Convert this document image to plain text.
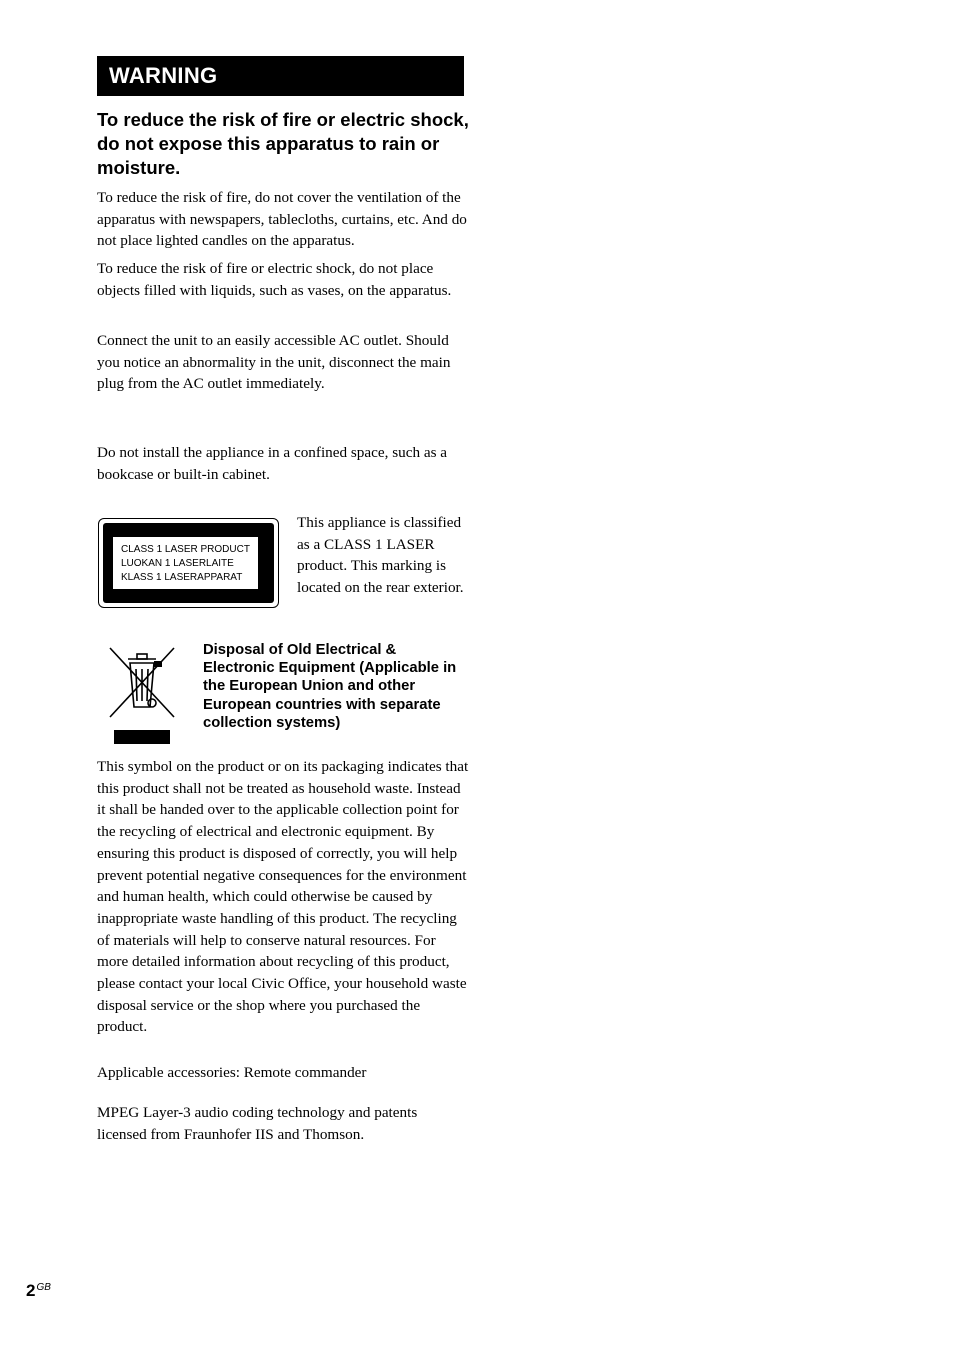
WARNING
To reduce the risk of fire or electric shock, do not expose this apparatus to rain or moisture.

To reduce the risk of fire, do not cover the ventilation of the apparatus with newspapers, tablecloths, curtains, etc. And do not place lighted candles on the apparatus.

To reduce the risk of fire or electric shock, do not place objects filled with liquids, such as vases, on the apparatus.

Connect the unit to an easily accessible AC outlet. Should you notice an abnormality in the unit, disconnect the main plug from the AC outlet immediately.

Do not install the appliance in a confined space, such as a bookcase or built-in cabinet.

CLASS 1 LASER PRODUCT
LUOKAN 1 LASERLAITE
KLASS 1 LASERAPPARAT
This appliance is classified as a CLASS 1 LASER product. This marking is located on the rear exterior.
Disposal of Old Electrical & Electronic Equipment (Applicable in the European Union and other European countries with separate collection systems)

This symbol on the product or on its packaging indicates that this product shall not be treated as household waste. Instead it shall be handed over to the applicable collection point for the recycling of electrical and electronic equipment. By ensuring this product is disposed of correctly, you will help prevent potential negative consequences for the environment and human health, which could otherwise be caused by inappropriate waste handling of this product. The recycling of materials will help to conserve natural resources. For more detailed information about recycling of this product, please contact your local Civic Office, your household waste disposal service or the shop where you purchased the product.

Applicable accessories: Remote commander

MPEG Layer-3 audio coding technology and patents licensed from Fraunhofer IIS and Thomson.

$2^{GB}$
